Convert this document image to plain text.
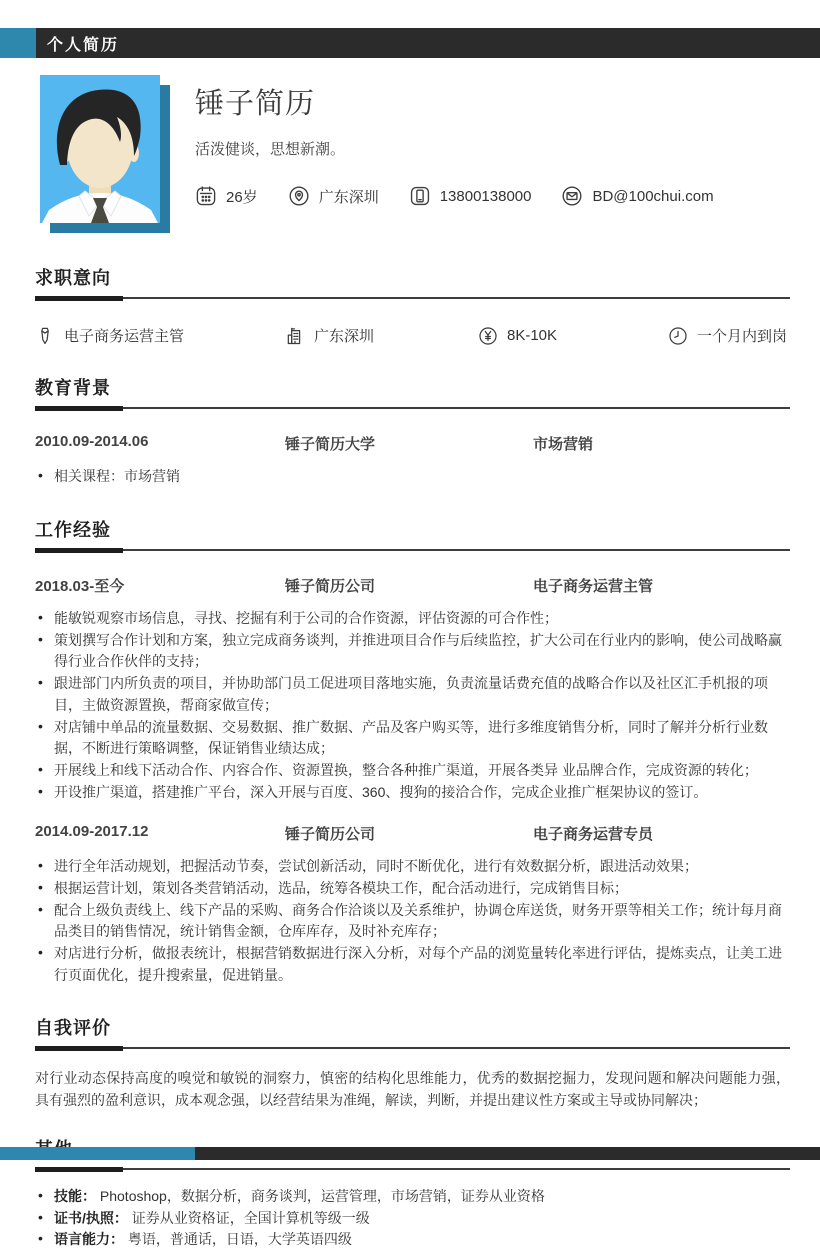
个人简历
锤子简历
活泼健谈，思想新潮。
26岁	广东深圳	13800138000	BD@100chui.com
求职意向
电子商务运营主管	广东深圳	8K-10K	一个月内到岗
教育背景
2010.09-2014.06	锤子简历大学	市场营销
• 相关课程：市场营销
工作经验
2018.03-至今	锤子简历公司	电子商务运营主管
• 能敏锐观察市场信息，寻找、挖掘有利于公司的合作资源，评估资源的可合作性；
• 策划撰写合作计划和方案，独立完成商务谈判，并推进项目合作与后续监控，扩大公司在行业内的影响，使公司战略赢得行业合作伙伴的支持；
• 跟进部门内所负责的项目，并协助部门员工促进项目落地实施，负责流量话费充值的战略合作以及社区汇手机报的项目，主做资源置换，帮商家做宣传；
• 对店铺中单品的流量数据、交易数据、推广数据、产品及客户购买等，进行多维度销售分析，同时了解并分析行业数据，不断进行策略调整，保证销售业绩达成；
• 开展线上和线下活动合作、内容合作、资源置换，整合各种推广渠道，开展各类异 业品牌合作，完成资源的转化；
• 开设推广渠道，搭建推广平台，深入开展与百度、360、搜狗的接洽合作，完成企业推广框架协议的签订。
2014.09-2017.12	锤子简历公司	电子商务运营专员
• 进行全年活动规划，把握活动节奏，尝试创新活动，同时不断优化，进行有效数据分析，跟进活动效果；
• 根据运营计划，策划各类营销活动，选品，统筹各模块工作，配合活动进行，完成销售目标；
• 配合上级负责线上、线下产品的采购、商务合作洽谈以及关系维护，协调仓库送货，财务开票等相关工作；统计每月商品类目的销售情况，统计销售金额，仓库库存，及时补充库存；
• 对店进行分析，做报表统计，根据营销数据进行深入分析，对每个产品的浏览量转化率进行评估，提炼卖点，让美工进行页面优化，提升搜索量，促进销量。
自我评价

对行业动态保持高度的嗅觉和敏锐的洞察力，慎密的结构化思维能力，优秀的数据挖掘力，发现问题和解决问题能力强，具有强烈的盈利意识，成本观念强，以经营结果为准绳，解读，判断，并提出建议性方案或主导或协同解决；

• 技能： Photoshop，数据分析，商务谈判，运营管理，市场营销，证券从业资格
• 证书/执照： 证券从业资格证，全国计算机等级一级
• 语言能力： 粤语，普通话，日语，大学英语四级
